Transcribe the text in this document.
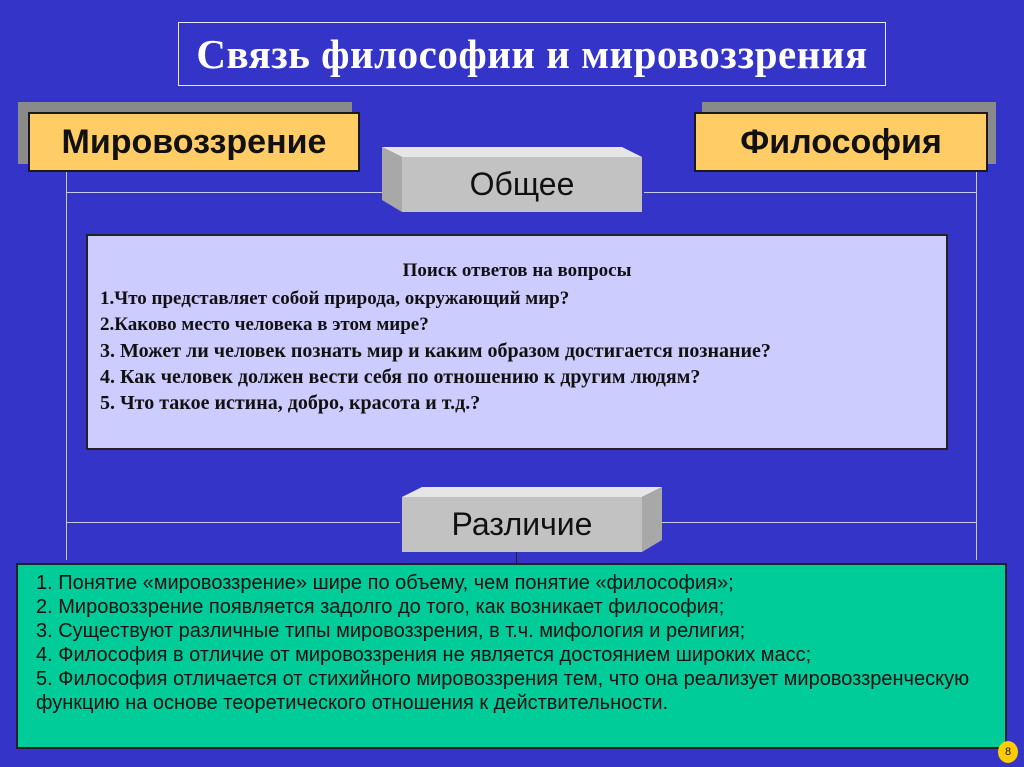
Связь философии и мировоззрения
Мировоззрение	Философия
Общее
Поиск ответов на вопросы
1.Что представляет собой природа, окружающий мир?
2.Каково место человека в этом мире?
3. Может ли человек познать мир и каким образом достигается познание?
4. Как человек должен вести себя по отношению к другим людям?
5. Что такое истина, добро, красота и т.д.?
Различие
1. Понятие «мировоззрение» шире по объему, чем понятие «философия»;
2. Мировоззрение появляется задолго до того, как возникает философия;
3. Существуют различные типы мировоззрения, в т.ч. мифология и религия;
4. Философия в отличие от мировоззрения не является достоянием широких масс;
5. Философия отличается от стихийного мировоззрения тем, что она реализует мировоззренческую функцию на основе теоретического отношения к действительности.
8
